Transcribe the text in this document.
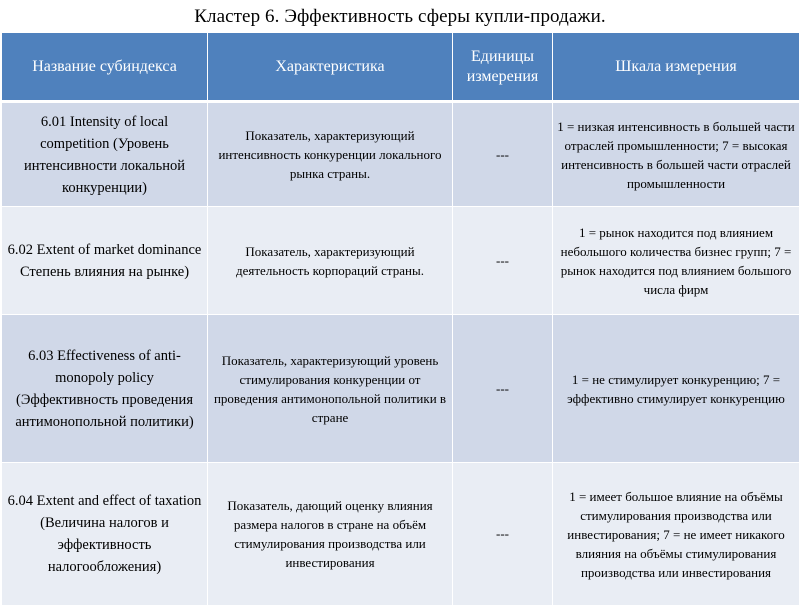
Кластер 6. Эффективность сферы купли-продажи.
Название субиндекса	Характеристика	Единицы измерения	Шкала измерения
6.01 Intensity of local competition (Уровень интенсивности локальной конкуренции)	Показатель, характеризующий интенсивность конкуренции локального рынка страны.	---	1 = низкая интенсивность в большей части отраслей промышленности; 7 = высокая интенсивность в большей части отраслей промышленности
6.02 Extent of market dominance Степень влияния на рынке)	Показатель, характеризующий деятельность корпораций страны.	---	1 = рынок находится под влиянием небольшого количества бизнес групп; 7 = рынок находится под влиянием большого числа фирм
6.03 Effectiveness of anti-monopoly policy (Эффективность проведения антимонопольной политики)	Показатель, характеризующий уровень стимулирования конкуренции от проведения антимонопольной политики в стране	---	1 = не стимулирует конкуренцию; 7 = эффективно стимулирует конкуренцию
6.04 Extent and effect of taxation (Величина налогов и эффективность налогообложения)	Показатель, дающий оценку влияния размера налогов в стране на объём стимулирования производства или инвестирования	---	1 = имеет большое влияние на объёмы стимулирования производства или инвестирования; 7 = не имеет никакого влияния на объёмы стимулирования производства или инвестирования
